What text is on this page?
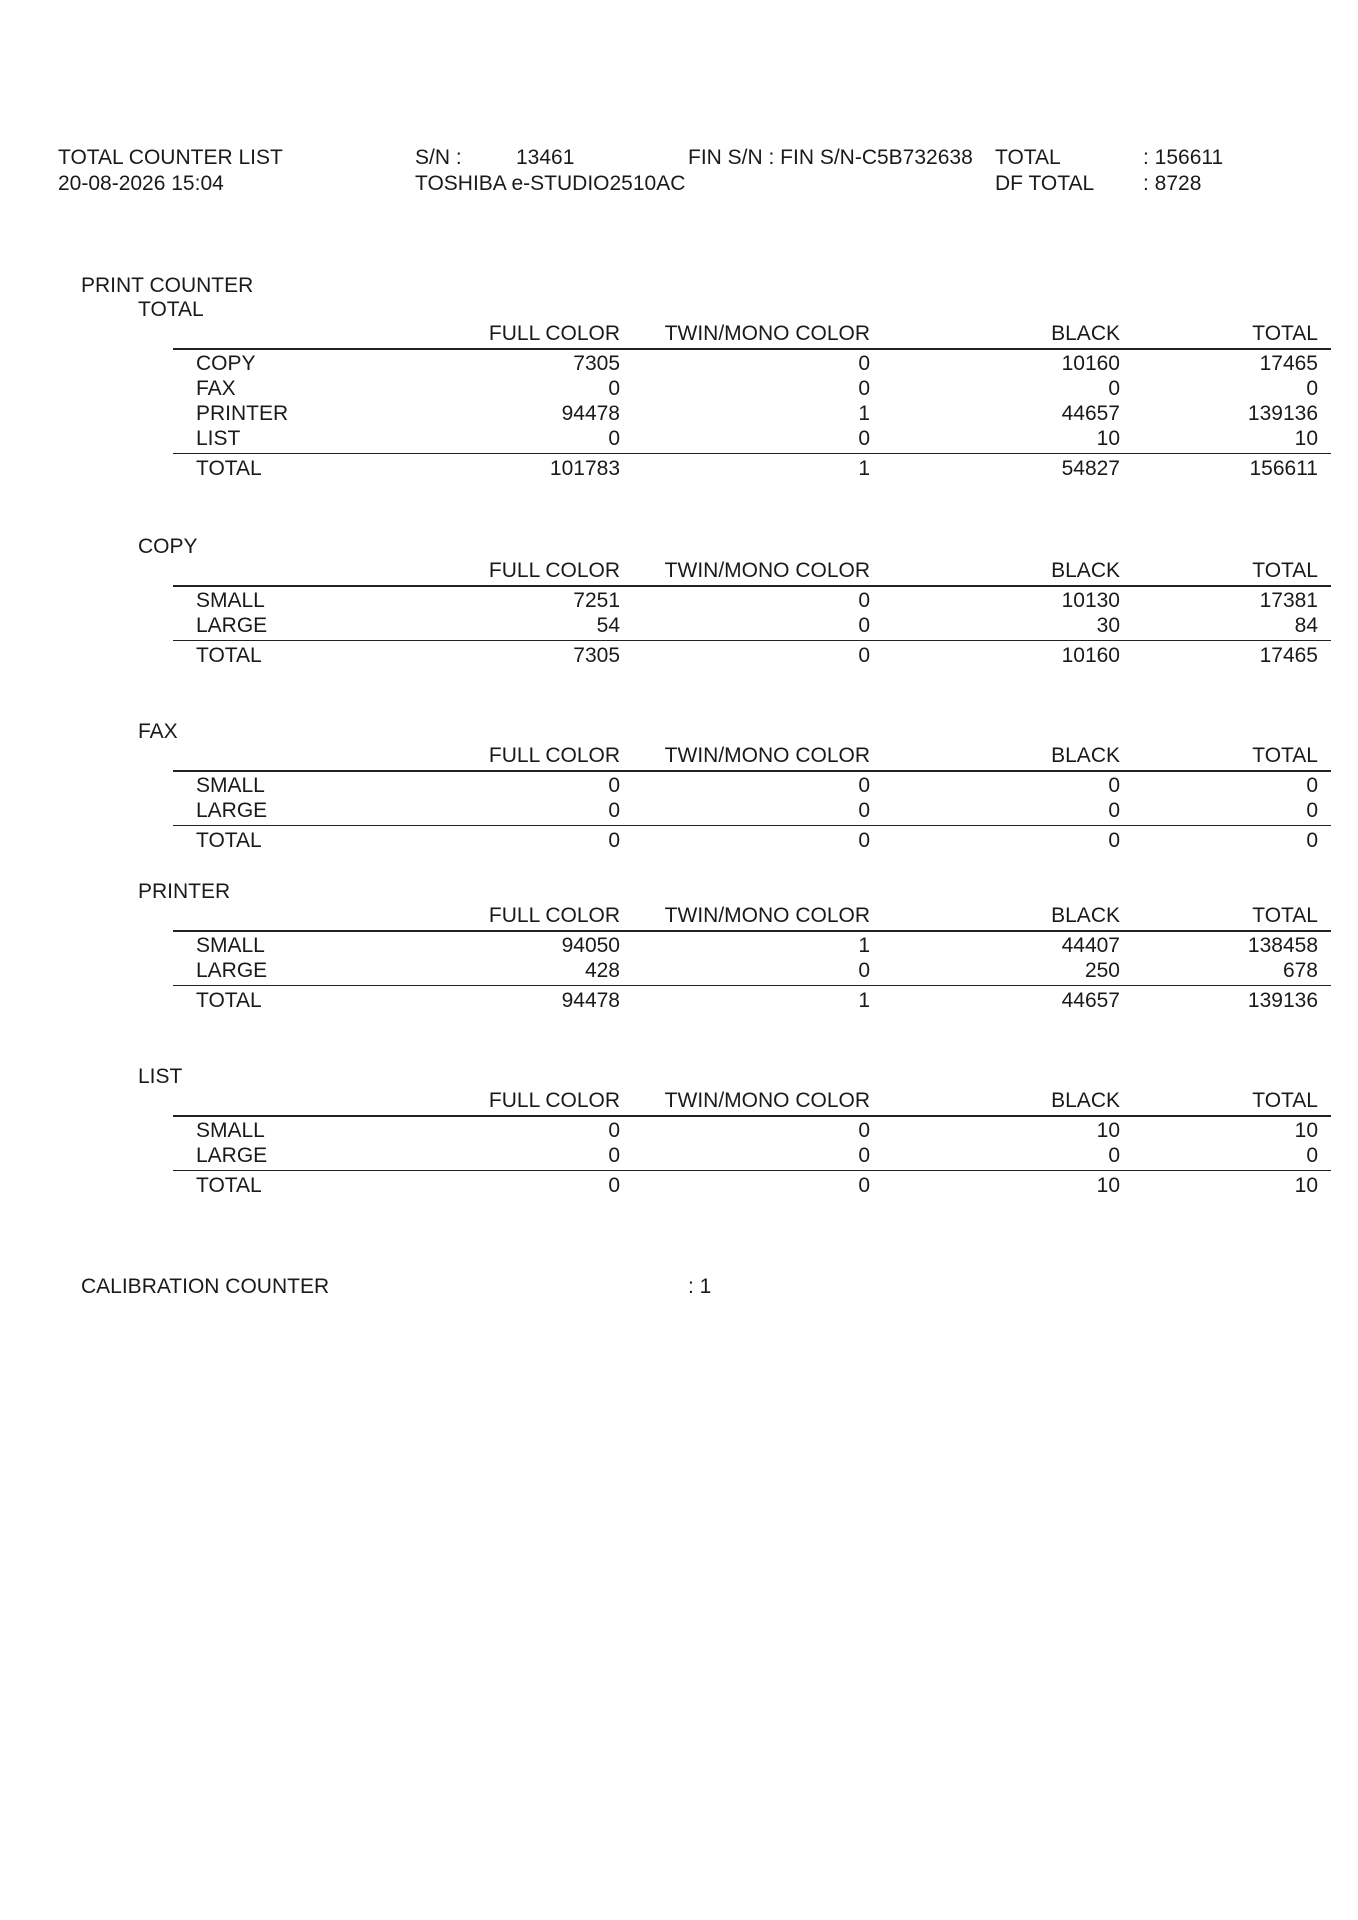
TOTAL COUNTER LIST
20-08-2026 15:04
S/N :	13461
TOSHIBA e-STUDIO2510AC
FIN S/N : FIN S/N-C5B732638 TOTAL	: 156611
DF TOTAL : 8728
PRINT COUNTER
TOTAL
FULL COLOR	TWIN/MONO COLOR	BLACK	TOTAL
COPY	7305	0	10160	17465
FAX	0	0	0	0
PRINTER	94478	1	44657	139136
LIST	0	0	10	10
TOTAL	101783	1	54827	156611
COPY
FULL COLOR	TWIN/MONO COLOR	BLACK	TOTAL
SMALL	7251	0	10130	17381
LARGE	54	0	30	84
TOTAL	7305	0	10160	17465
FAX
FULL COLOR	TWIN/MONO COLOR	BLACK	TOTAL
SMALL	0	0	0	0
LARGE	0	0	0	0
TOTAL	0	0	0	0
PRINTER
FULL COLOR	TWIN/MONO COLOR	BLACK	TOTAL
SMALL	94050	1	44407	138458
LARGE	428	0	250	678
TOTAL	94478	1	44657	139136
LIST
FULL COLOR	TWIN/MONO COLOR	BLACK	TOTAL
SMALL	0	0	10	10
LARGE	0	0	0	0
TOTAL	0	0	10	10
CALIBRATION COUNTER	: 1
